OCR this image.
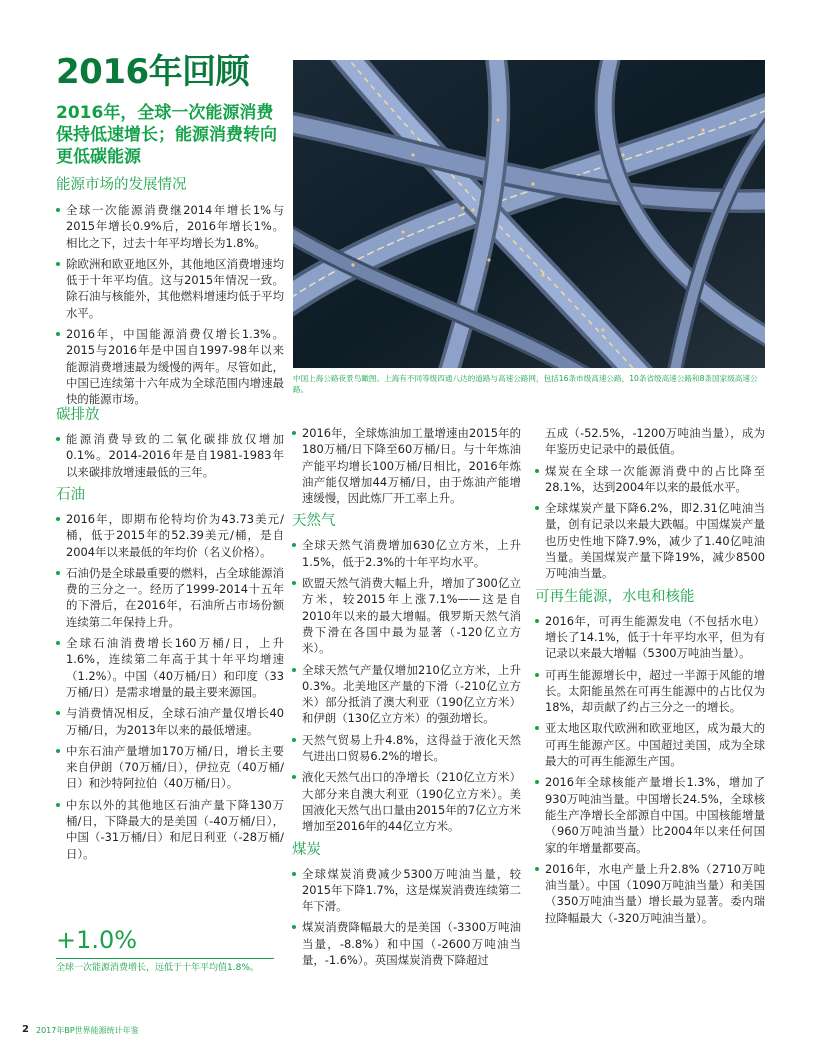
2016年回顾
2016年，全球一次能源消费保持低速增长；能源消费转向更低碳能源
能源市场的发展情况
全球一次能源消费继2014年增长1%与2015年增长0.9%后，2016年增长1%。相比之下，过去十年平均增长为1.8%。
除欧洲和欧亚地区外，其他地区消费增速均低于十年平均值。这与2015年情况一致。除石油与核能外，其他燃料增速均低于平均水平。
2016年，中国能源消费仅增长1.3%。2015与2016年是中国自1997-98年以来能源消费增速最为缓慢的两年。尽管如此，中国已连续第十六年成为全球范围内增速最快的能源市场。
碳排放
能源消费导致的二氧化碳排放仅增加0.1%。2014-2016年是自1981-1983年以来碳排放增速最低的三年。
石油
2016年，即期布伦特均价为43.73美元/桶，低于2015年的52.39美元/桶，是自2004年以来最低的年均价（名义价格）。
石油仍是全球最重要的燃料，占全球能源消费的三分之一。经历了1999-2014十五年的下滑后，在2016年，石油所占市场份额连续第二年保持上升。
全球石油消费增长160万桶/日，上升1.6%，连续第二年高于其十年平均增速（1.2%）。中国（40万桶/日）和印度（33万桶/日）是需求增量的最主要来源国。
与消费情况相反，全球石油产量仅增长40万桶/日，为2013年以来的最低增速。
中东石油产量增加170万桶/日，增长主要来自伊朗（70万桶/日），伊拉克（40万桶/日）和沙特阿拉伯（40万桶/日）。
中东以外的其他地区石油产量下降130万桶/日，下降最大的是美国（-40万桶/日），中国（-31万桶/日）和尼日利亚（-28万桶/日）。
中国上海公路夜景鸟瞰图。上海有不同等级四通八达的道路与高速公路网，包括16条市级高速公路，10条省级高速公路和8条国家级高速公路。
2016年，全球炼油加工量增速由2015年的180万桶/日下降至60万桶/日。与十年炼油产能平均增长100万桶/日相比，2016年炼油产能仅增加44万桶/日，由于炼油产能增速缓慢，因此炼厂开工率上升。
天然气
全球天然气消费增加630亿立方米，上升1.5%，低于2.3%的十年平均水平。
欧盟天然气消费大幅上升，增加了300亿立方米，较2015年上涨7.1%——这是自2010年以来的最大增幅。俄罗斯天然气消费下滑在各国中最为显著（-120亿立方米）。
全球天然气产量仅增加210亿立方米，上升0.3%。北美地区产量的下滑（-210亿立方米）部分抵消了澳大利亚（190亿立方米）和伊朗（130亿立方米）的强劲增长。
天然气贸易上升4.8%，这得益于液化天然气进出口贸易6.2%的增长。
液化天然气出口的净增长（210亿立方米）大部分来自澳大利亚（190亿立方米）。美国液化天然气出口量由2015年的7亿立方米增加至2016年的44亿立方米。
煤炭
全球煤炭消费减少5300万吨油当量，较2015年下降1.7%，这是煤炭消费连续第二年下滑。
煤炭消费降幅最大的是美国（-3300万吨油当量，-8.8%）和中国（-2600万吨油当量，-1.6%）。英国煤炭消费下降超过
五成（-52.5%，-1200万吨油当量），成为年鉴历史记录中的最低值。
煤炭在全球一次能源消费中的占比降至28.1%，达到2004年以来的最低水平。
全球煤炭产量下降6.2%，即2.31亿吨油当量，创有记录以来最大跌幅。中国煤炭产量也历史性地下降7.9%，减少了1.40亿吨油当量。美国煤炭产量下降19%，减少8500万吨油当量。
可再生能源，水电和核能
2016年，可再生能源发电（不包括水电）增长了14.1%，低于十年平均水平，但为有记录以来最大增幅（5300万吨油当量）。
可再生能源增长中，超过一半源于风能的增长。太阳能虽然在可再生能源中的占比仅为18%，却贡献了约占三分之一的增长。
亚太地区取代欧洲和欧亚地区，成为最大的可再生能源产区。中国超过美国，成为全球最大的可再生能源生产国。
2016年全球核能产量增长1.3%，增加了930万吨油当量。中国增长24.5%，全球核能生产净增长全部源自中国。中国核能增量（960万吨油当量）比2004年以来任何国家的年增量都要高。
2016年，水电产量上升2.8%（2710万吨油当量）。中国（1090万吨油当量）和美国（350万吨油当量）增长最为显著。委内瑞拉降幅最大（-320万吨油当量）。
+1.0%
全球一次能源消费增长，远低于十年平均值1.8%。
2 2017年BP世界能源统计年鉴
